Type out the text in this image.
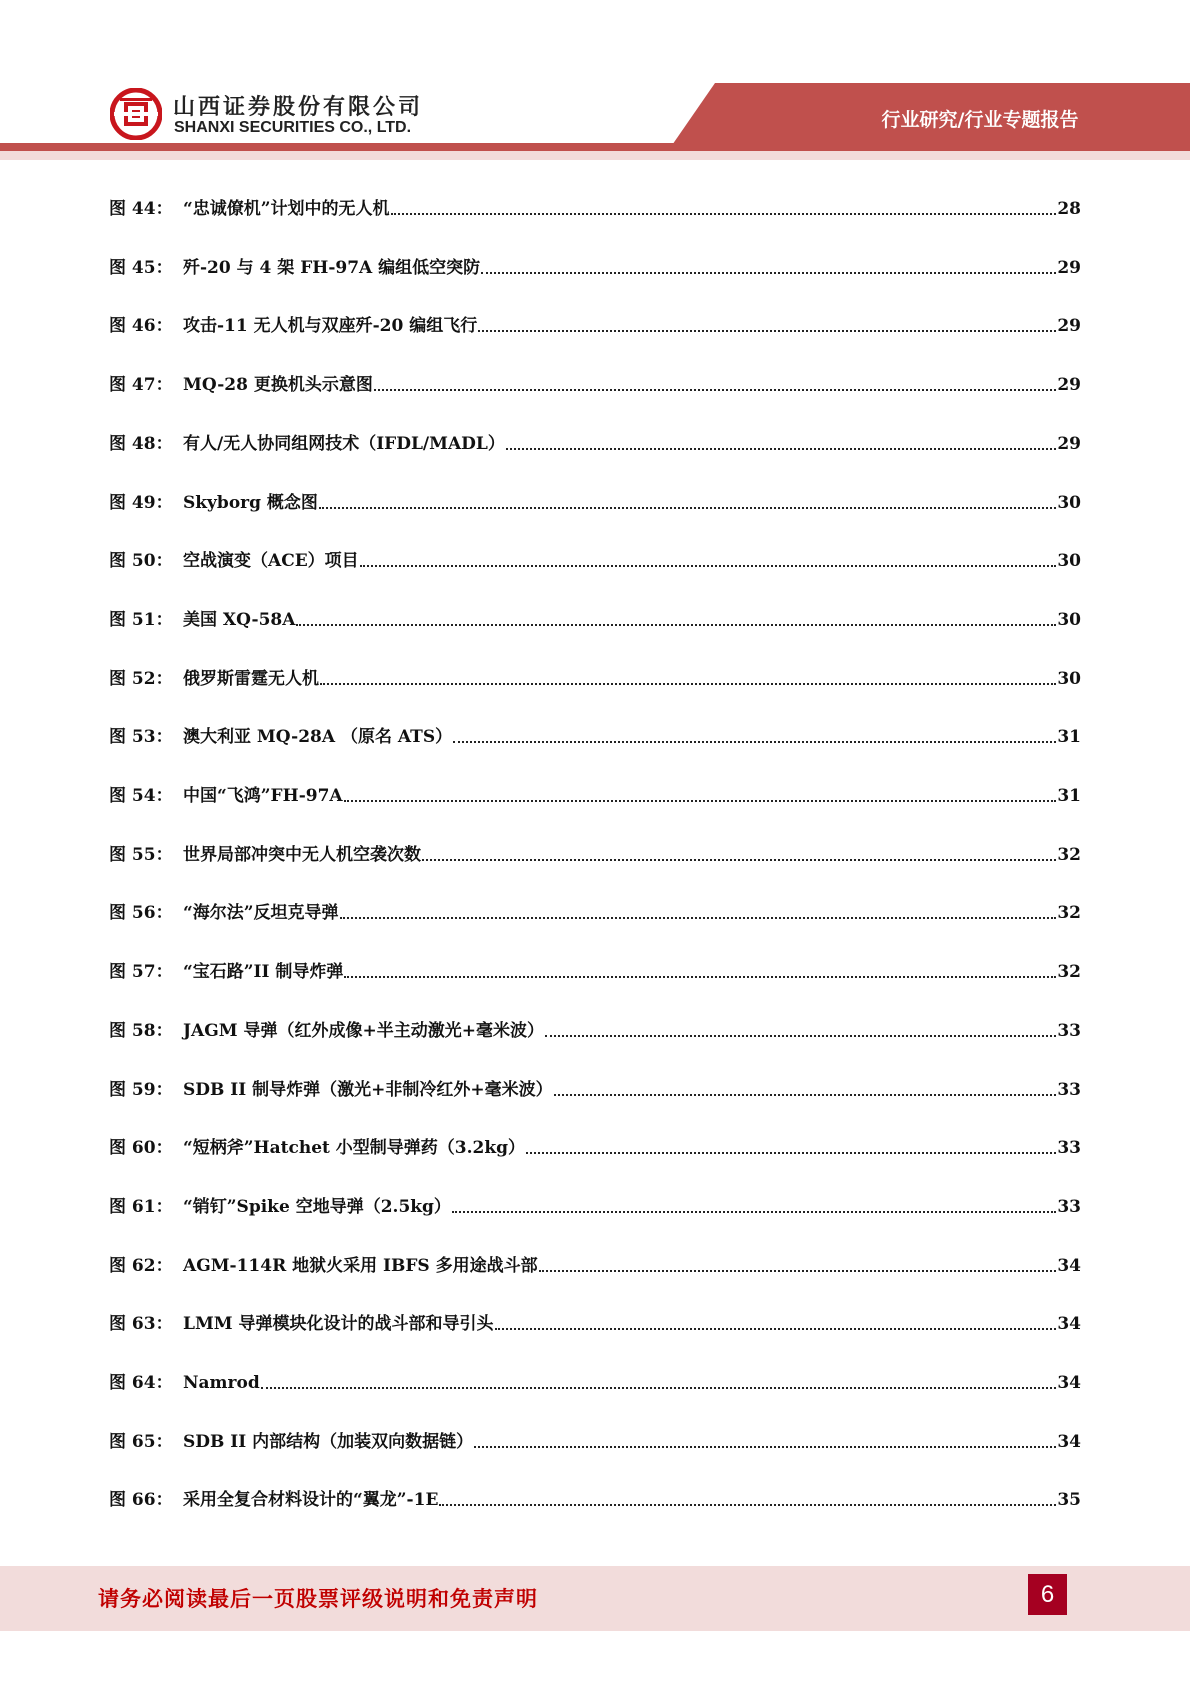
行业研究/行业专题报告
山西证券股份有限公司
SHANXI SECURITIES CO., LTD.
图 44： “忠诚僚机”计划中的无人机	28
图 45： 歼-20 与 4 架 FH-97A 编组低空突防	29
图 46： 攻击-11 无人机与双座歼-20 编组飞行	29
图 47： MQ-28 更换机头示意图	29
图 48： 有人/无人协同组网技术（IFDL/MADL）	29
图 49： Skyborg 概念图	30
图 50： 空战演变（ACE）项目	30
图 51： 美国 XQ-58A	30
图 52： 俄罗斯雷霆无人机	30
图 53： 澳大利亚 MQ-28A （原名 ATS）	31
图 54： 中国“飞鸿”FH-97A	31
图 55： 世界局部冲突中无人机空袭次数	32
图 56： “海尔法”反坦克导弹	32
图 57： “宝石路”II 制导炸弹	32
图 58： JAGM 导弹（红外成像+半主动激光+毫米波）	33
图 59： SDB II 制导炸弹（激光+非制冷红外+毫米波）	33
图 60： “短柄斧”Hatchet 小型制导弹药（3.2kg）	33
图 61： “销钉”Spike 空地导弹（2.5kg）	33
图 62： AGM-114R 地狱火采用 IBFS 多用途战斗部	34
图 63： LMM 导弹模块化设计的战斗部和导引头	34
图 64： Namrod	34
图 65： SDB II 内部结构（加装双向数据链）	34
图 66： 采用全复合材料设计的“翼龙”-1E	35
请务必阅读最后一页股票评级说明和免责声明	6
